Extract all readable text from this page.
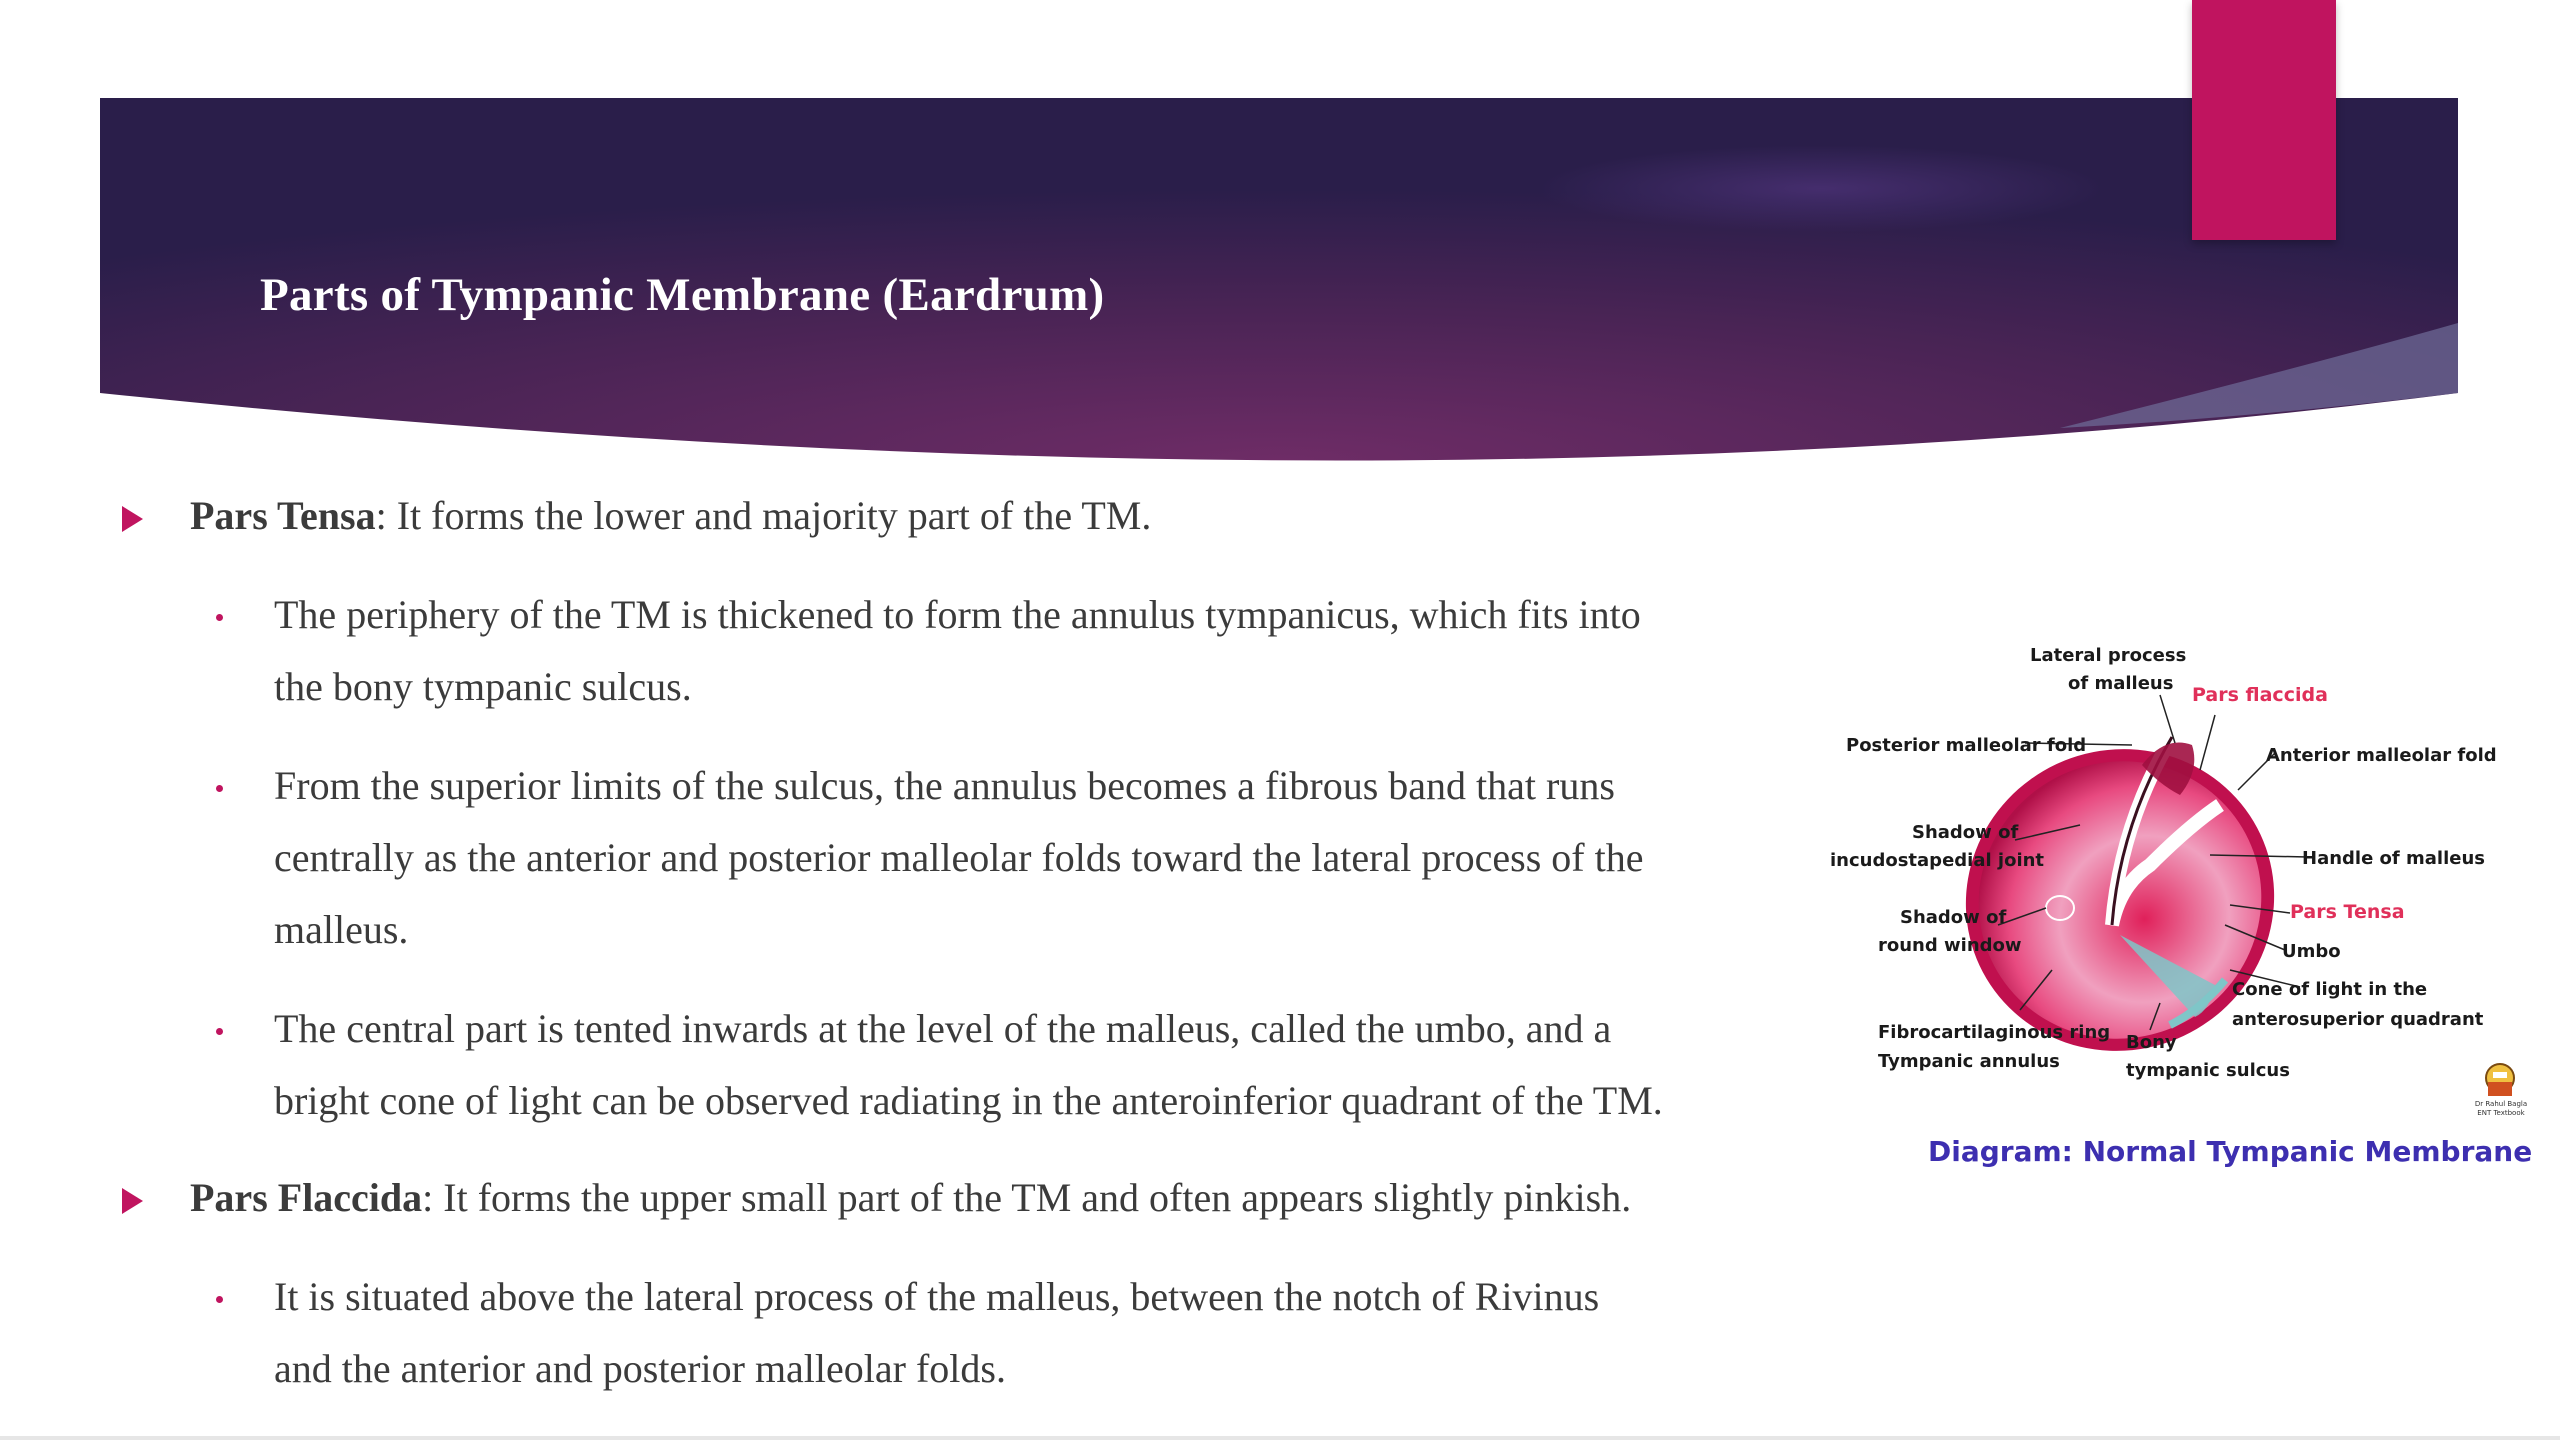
Parts of Tympanic Membrane (Eardrum)
Pars Tensa: It forms the lower and majority part of the TM.
The periphery of the TM is thickened to form the annulus tympanicus, which fits into
the bony tympanic sulcus.
From the superior limits of the sulcus, the annulus becomes a fibrous band that runs
centrally as the anterior and posterior malleolar folds toward the lateral process of the
malleus.
The central part is tented inwards at the level of the malleus, called the umbo, and a
bright cone of light can be observed radiating in the anteroinferior quadrant of the TM.
Pars Flaccida: It forms the upper small part of the TM and often appears slightly pinkish.
It is situated above the lateral process of the malleus, between the notch of Rivinus
and the anterior and posterior malleolar folds.
Lateral process
of malleus
Pars flaccida
Posterior malleolar fold	Anterior malleolar fold
Shadow of
incudostapedial joint	Handle of malleus
Pars Tensa
Shadow of
round window	Umbo
Cone of light in the
anterosuperior quadrant
Fibrocartilaginous ring
Tympanic annulus
Bony
tympanic sulcus
Diagram: Normal Tympanic Membrane
Dr Rahul Bagla
ENT Textbook
